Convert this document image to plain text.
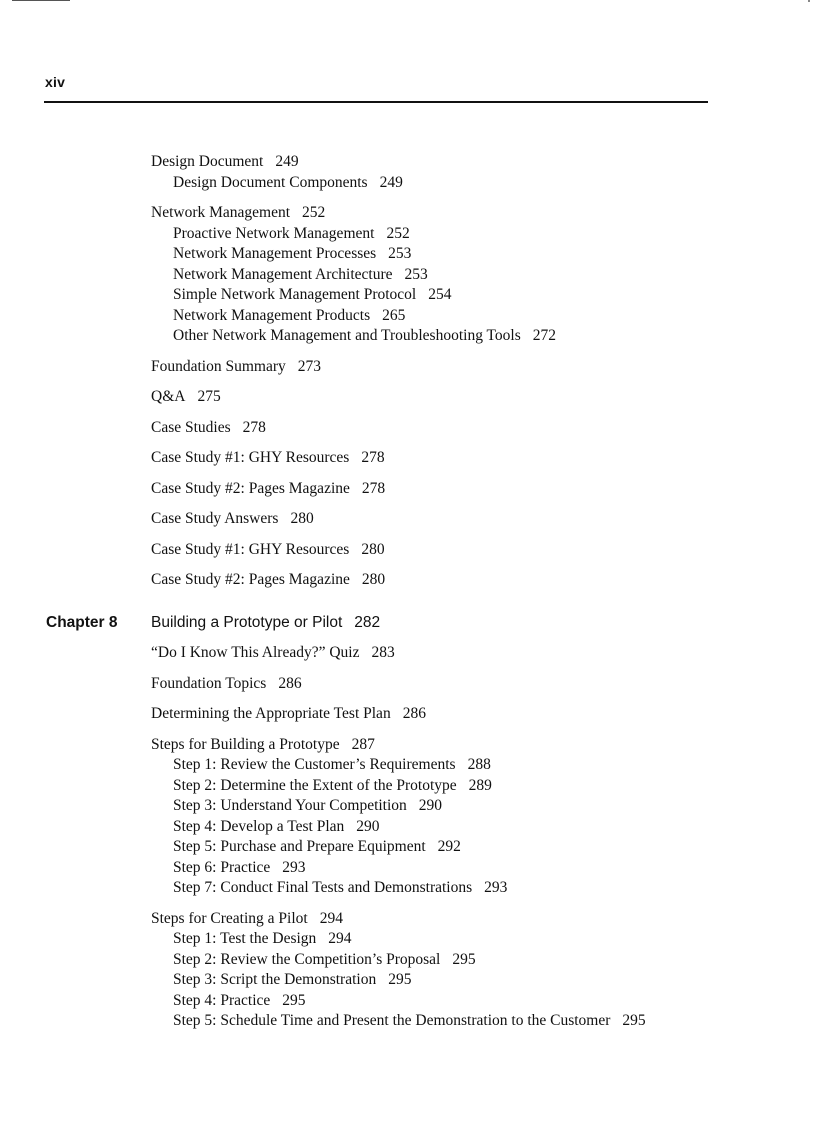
xiv
Design Document 249
Design Document Components 249
Network Management 252
Proactive Network Management 252
Network Management Processes 253
Network Management Architecture 253
Simple Network Management Protocol 254
Network Management Products 265
Other Network Management and Troubleshooting Tools 272
Foundation Summary 273
Q&A 275
Case Studies 278
Case Study #1: GHY Resources 278
Case Study #2: Pages Magazine 278
Case Study Answers 280
Case Study #1: GHY Resources 280
Case Study #2: Pages Magazine 280
Chapter 8 Building a Prototype or Pilot 282
“Do I Know This Already?” Quiz 283
Foundation Topics 286
Determining the Appropriate Test Plan 286
Steps for Building a Prototype 287
Step 1: Review the Customer’s Requirements 288
Step 2: Determine the Extent of the Prototype 289
Step 3: Understand Your Competition 290
Step 4: Develop a Test Plan 290
Step 5: Purchase and Prepare Equipment 292
Step 6: Practice 293
Step 7: Conduct Final Tests and Demonstrations 293
Steps for Creating a Pilot 294
Step 1: Test the Design 294
Step 2: Review the Competition’s Proposal 295
Step 3: Script the Demonstration 295
Step 4: Practice 295
Step 5: Schedule Time and Present the Demonstration to the Customer 295
